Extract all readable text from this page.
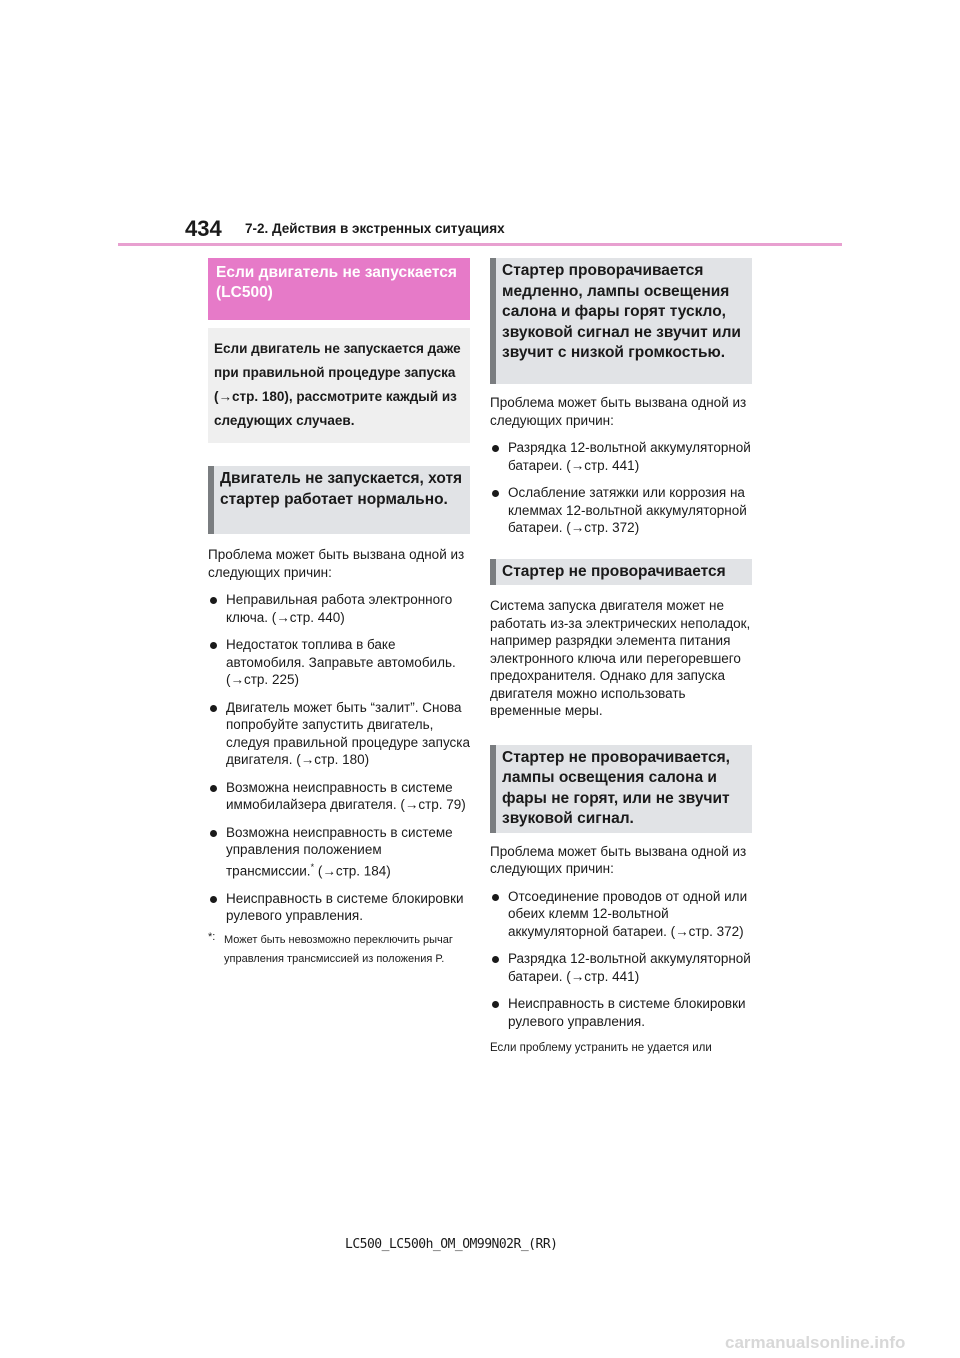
434 7-2. Действия в экстренных ситуациях
Если двигатель не запускается (LC500)
Если двигатель не запускается даже при правильной процедуре запуска (→стр. 180), рассмотрите каждый из следующих случаев.
Двигатель не запускается, хотя стартер работает нормально.
Проблема может быть вызвана одной из следующих причин:
Неправильная работа электронного ключа. (→стр. 440)
Недостаток топлива в баке автомобиля. Заправьте автомобиль. (→стр. 225)
Двигатель может быть “залит”. Снова попробуйте запустить двигатель, следуя правильной процедуре запуска двигателя. (→стр. 180)
Возможна неисправность в системе иммобилайзера двигателя. (→стр. 79)
Возможна неисправность в системе управления положением трансмиссии.* (→стр. 184)
Неисправность в системе блокировки рулевого управления.
*: Может быть невозможно переключить рычаг управления трансмиссией из положения P.
Стартер проворачивается медленно, лампы освещения салона и фары горят тускло, звуковой сигнал не звучит или звучит с низкой громкостью.
Проблема может быть вызвана одной из следующих причин:
Разрядка 12-вольтной аккумуляторной батареи. (→стр. 441)
Ослабление затяжки или коррозия на клеммах 12-вольтной аккумуляторной батареи. (→стр. 372)
Стартер не проворачивается
Система запуска двигателя может не работать из-за электрических неполадок, например разрядки элемента питания электронного ключа или перегоревшего предохранителя. Однако для запуска двигателя можно использовать временные меры.
Стартер не проворачивается, лампы освещения салона и фары не горят, или не звучит звуковой сигнал.
Проблема может быть вызвана одной из следующих причин:
Отсоединение проводов от одной или обеих клемм 12-вольтной аккумуляторной батареи. (→стр. 372)
Разрядка 12-вольтной аккумуляторной батареи. (→стр. 441)
Неисправность в системе блокировки рулевого управления.
Если проблему устранить не удается или
LC500_LC500h_OM_OM99N02R_(RR)
carmanualsonline.info
